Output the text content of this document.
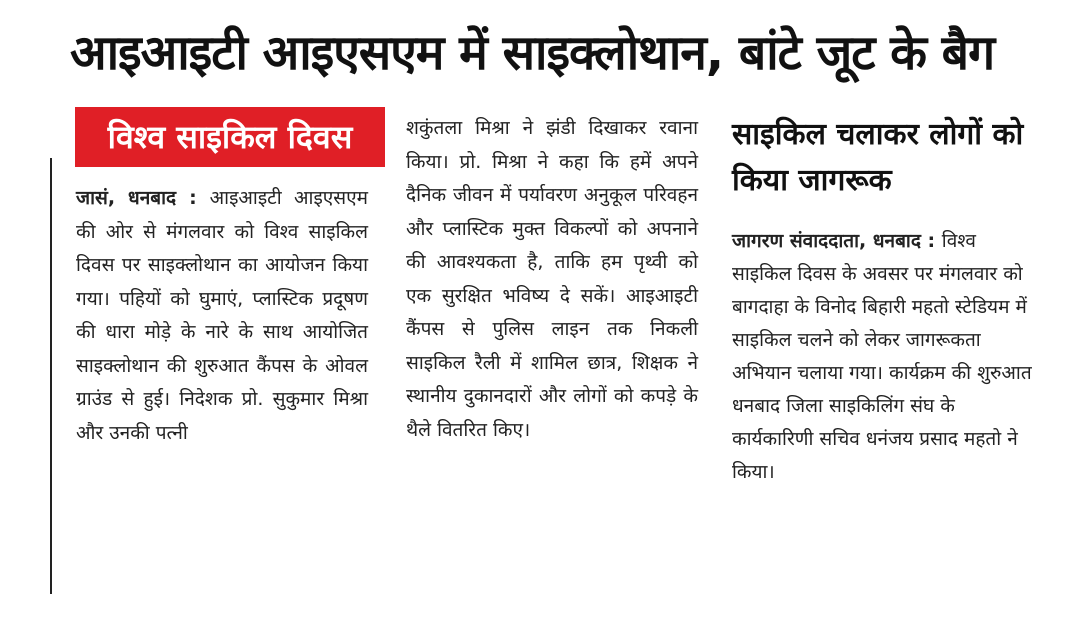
आइआइटी आइएसएम में साइक्लोथान, बांटे जूट के बैग
विश्व साइकिल दिवस
जासं, धनबाद : आइआइटी आइएसएम की ओर से मंगलवार को विश्व साइकिल दिवस पर साइक्लोथान का आयोजन किया गया। पहियों को घुमाएं, प्लास्टिक प्रदूषण की धारा मोड़े के नारे के साथ आयोजित साइक्लोथान की शुरुआत कैंपस के ओवल ग्राउंड से हुई। निदेशक प्रो. सुकुमार मिश्रा और उनकी पत्नी
शकुंतला मिश्रा ने झंडी दिखाकर रवाना किया। प्रो. मिश्रा ने कहा कि हमें अपने दैनिक जीवन में पर्यावरण अनुकूल परिवहन और प्लास्टिक मुक्त विकल्पों को अपनाने की आवश्यकता है, ताकि हम पृथ्वी को एक सुरक्षित भविष्य दे सकें। आइआइटी कैंपस से पुलिस लाइन तक निकली साइकिल रैली में शामिल छात्र, शिक्षक ने स्थानीय दुकानदारों और लोगों को कपड़े के थैले वितरित किए।
साइकिल चलाकर लोगों को किया जागरूक
जागरण संवाददाता, धनबाद : विश्व साइकिल दिवस के अवसर पर मंगलवार को बागदाहा के विनोद बिहारी महतो स्टेडियम में साइकिल चलने को लेकर जागरूकता अभियान चलाया गया। कार्यक्रम की शुरुआत धनबाद जिला साइकिलिंग संघ के कार्यकारिणी सचिव धनंजय प्रसाद महतो ने किया।
